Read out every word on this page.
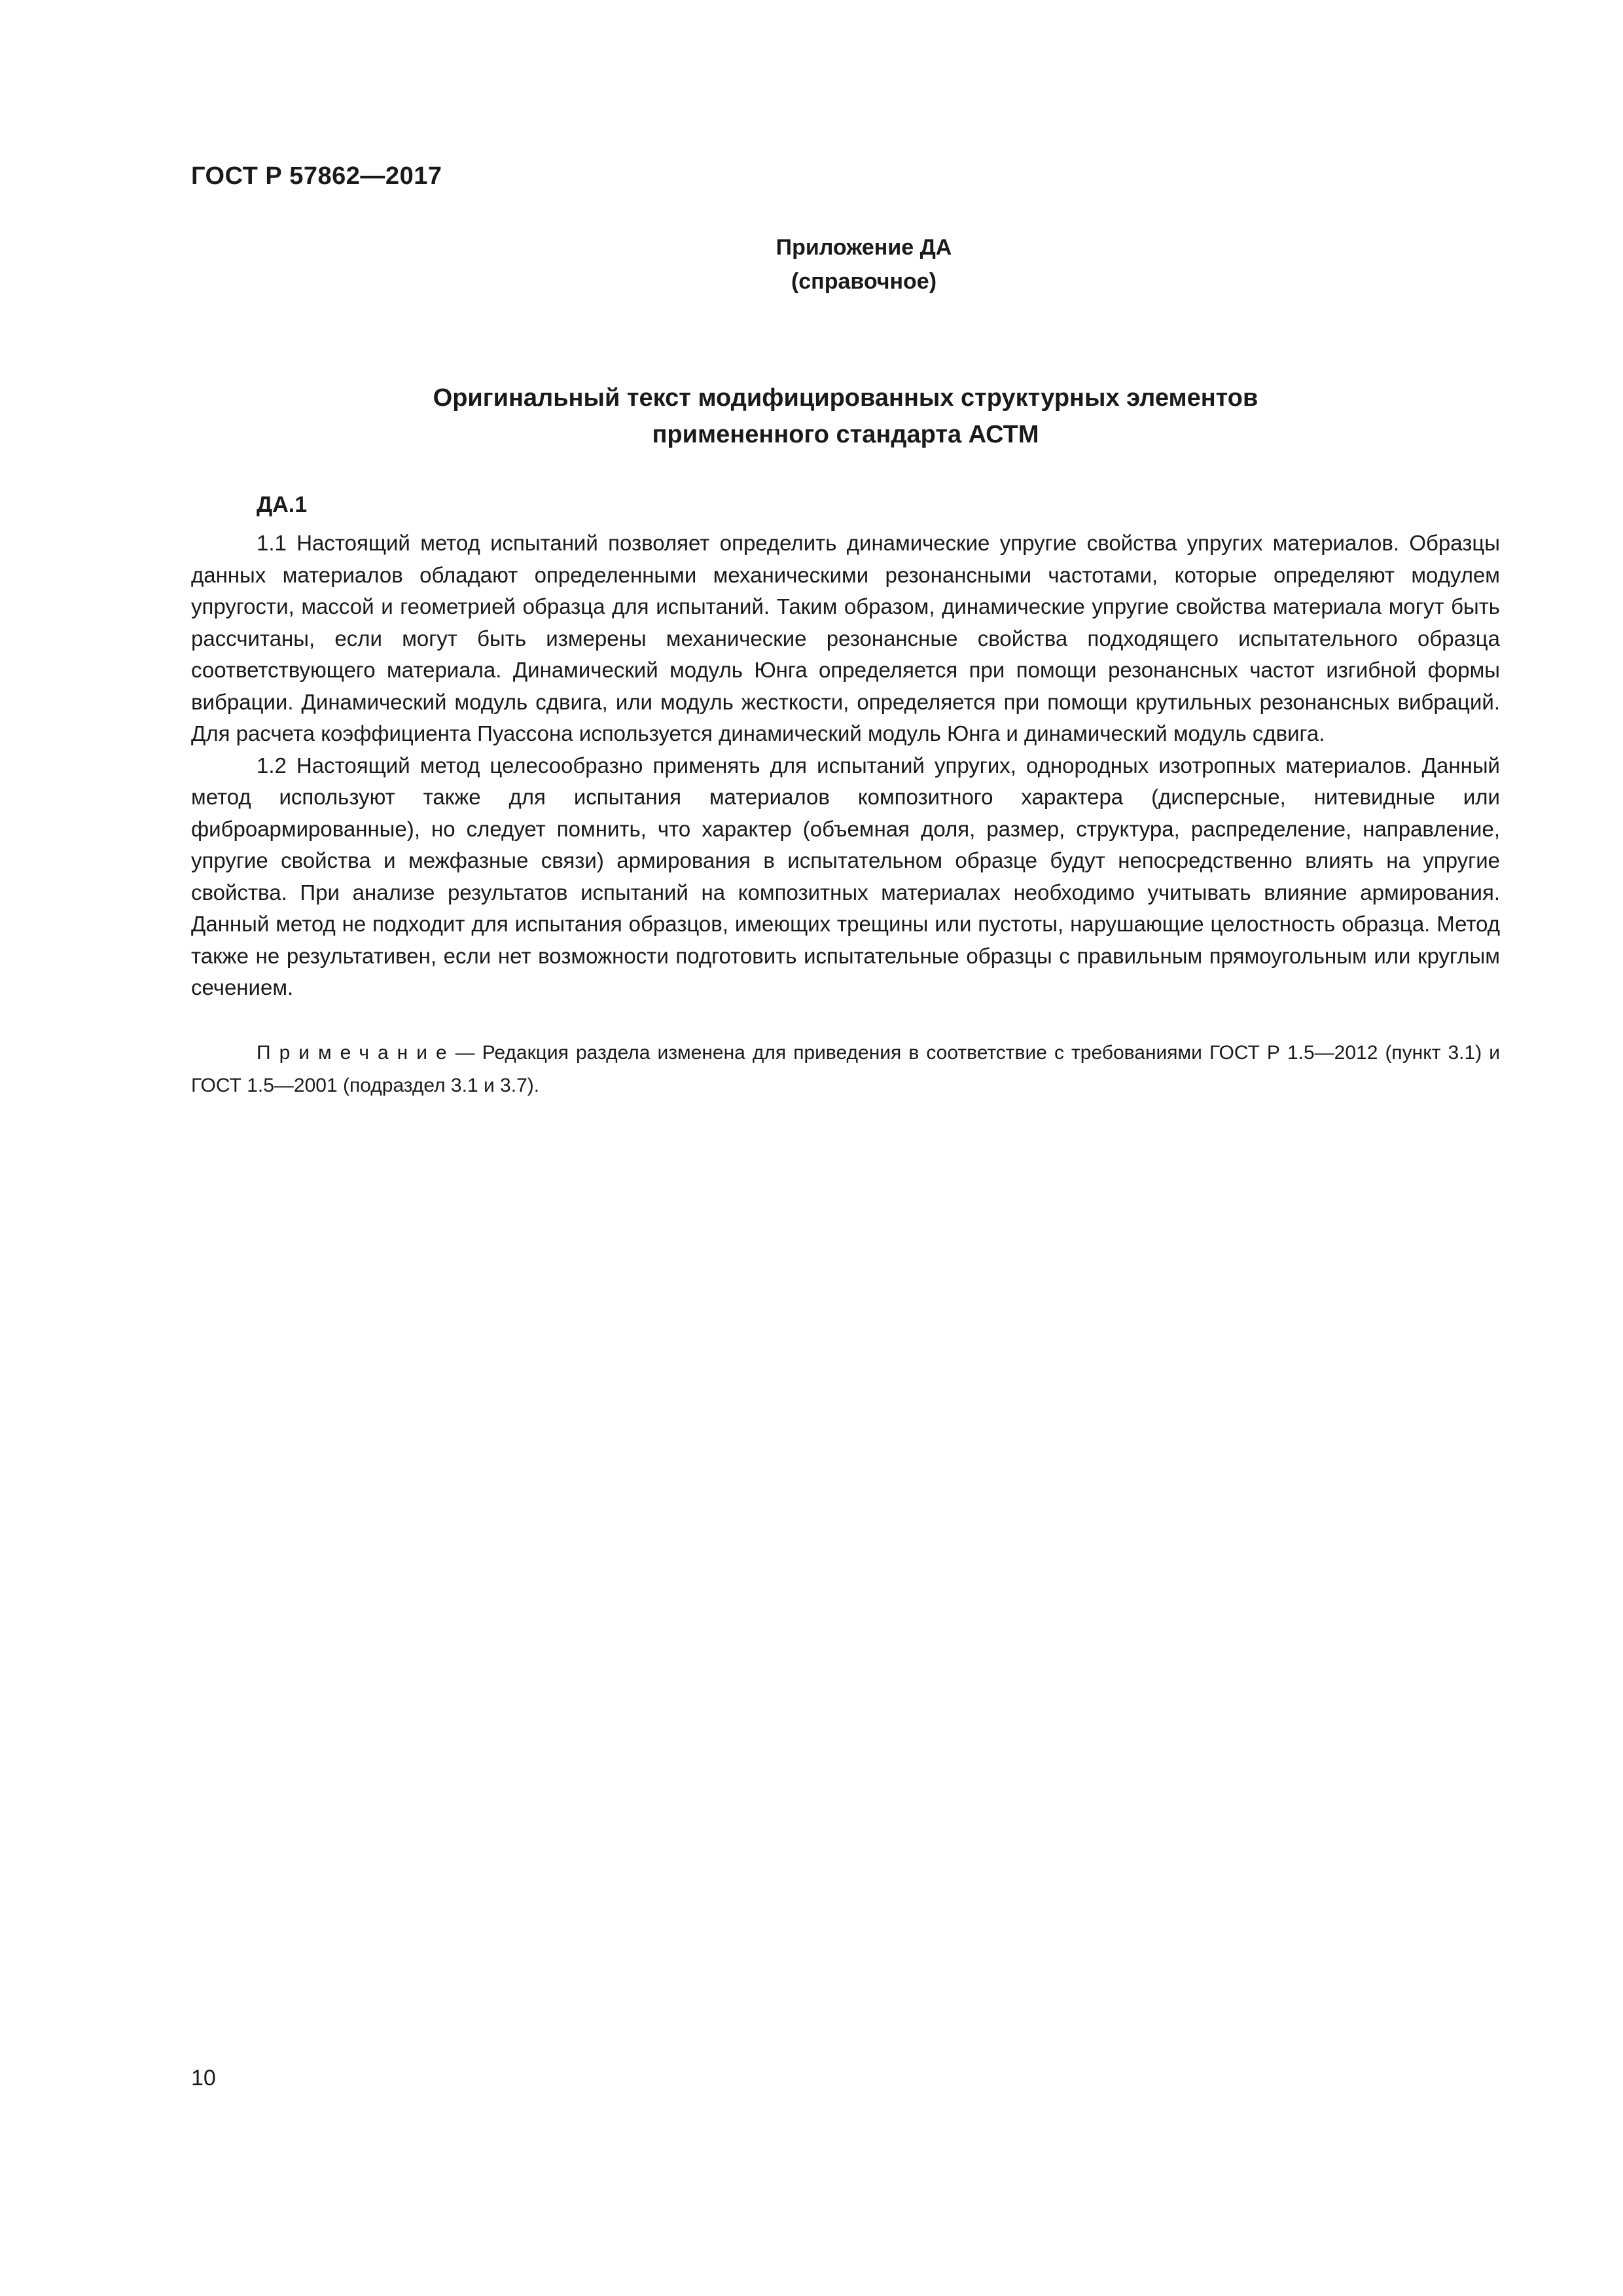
ГОСТ Р 57862—2017
Приложение ДА
(справочное)
Оригинальный текст модифицированных структурных элементов
примененного стандарта АСТМ
ДА.1

1.1 Настоящий метод испытаний позволяет определить динамические упругие свойства упругих материалов. Образцы данных материалов обладают определенными механическими резонансными частотами, которые определяют модулем упругости, массой и геометрией образца для испытаний. Таким образом, динамические упругие свойства материала могут быть рассчитаны, если могут быть измерены механические резонансные свойства подходящего испытательного образца соответствующего материала. Динамический модуль Юнга определяется при помощи резонансных частот изгибной формы вибрации. Динамический модуль сдвига, или модуль жесткости, определяется при помощи крутильных резонансных вибраций. Для расчета коэффициента Пуассона используется динамический модуль Юнга и динамический модуль сдвига.

1.2 Настоящий метод целесообразно применять для испытаний упругих, однородных изотропных материалов. Данный метод используют также для испытания материалов композитного характера (дисперсные, нитевидные или фиброармированные), но следует помнить, что характер (объемная доля, размер, структура, распределение, направление, упругие свойства и межфазные связи) армирования в испытательном образце будут непосредственно влиять на упругие свойства. При анализе результатов испытаний на композитных материалах необходимо учитывать влияние армирования. Данный метод не подходит для испытания образцов, имеющих трещины или пустоты, нарушающие целостность образца. Метод также не результативен, если нет возможности подготовить испытательные образцы с правильным прямоугольным или круглым сечением.

Примечание— Редакция раздела изменена для приведения в соответствие с требованиями ГОСТ Р 1.5—2012 (пункт 3.1) и ГОСТ 1.5—2001 (подраздел 3.1 и 3.7).
10
